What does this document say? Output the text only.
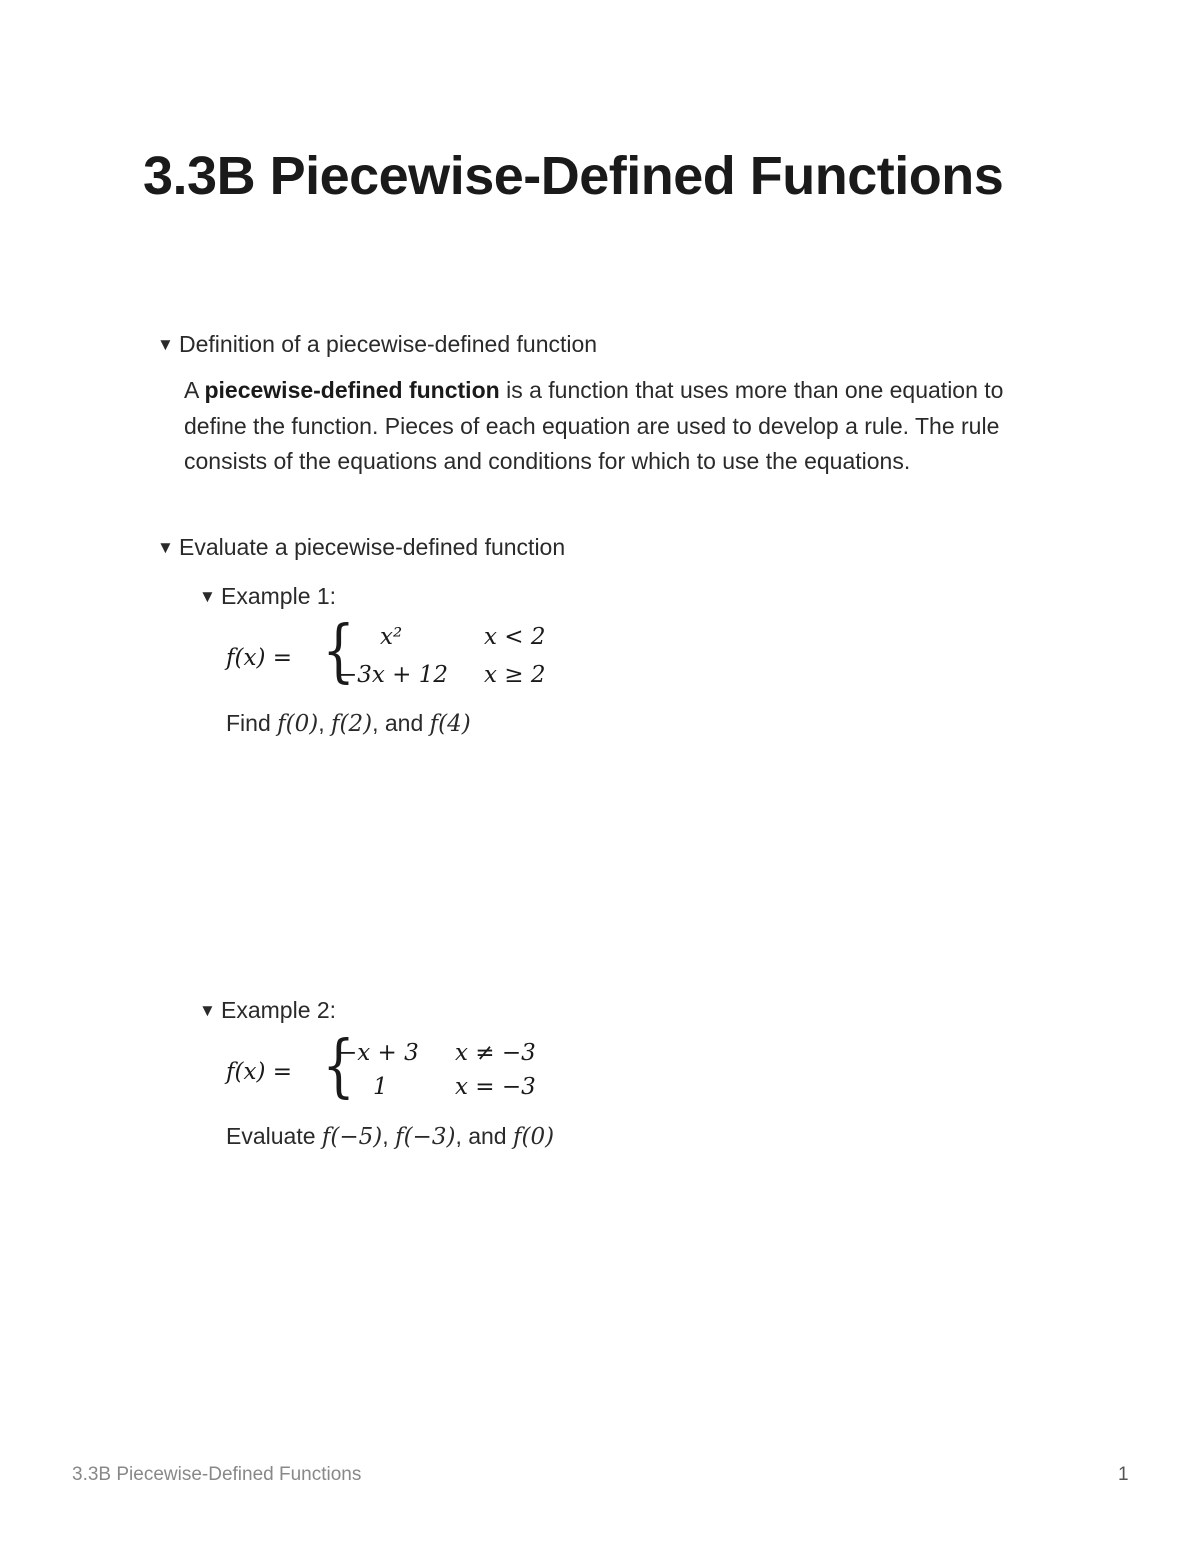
3.3B Piecewise-Defined Functions
▼ Definition of a piecewise-defined function
A piecewise-defined function is a function that uses more than one equation to define the function. Pieces of each equation are used to develop a rule. The rule consists of the equations and conditions for which to use the equations.
▼ Evaluate a piecewise-defined function
▼ Example 1:
f(x) = { x²	x < 2
−3x + 12 x ≥ 2
Find f(0), f(2), and f(4)
▼ Example 2:
f(x) = {
−x + 3 x ≠ −3
1	x = −3
Evaluate f(−5), f(−3), and f(0)
3.3B Piecewise-Defined Functions	1
